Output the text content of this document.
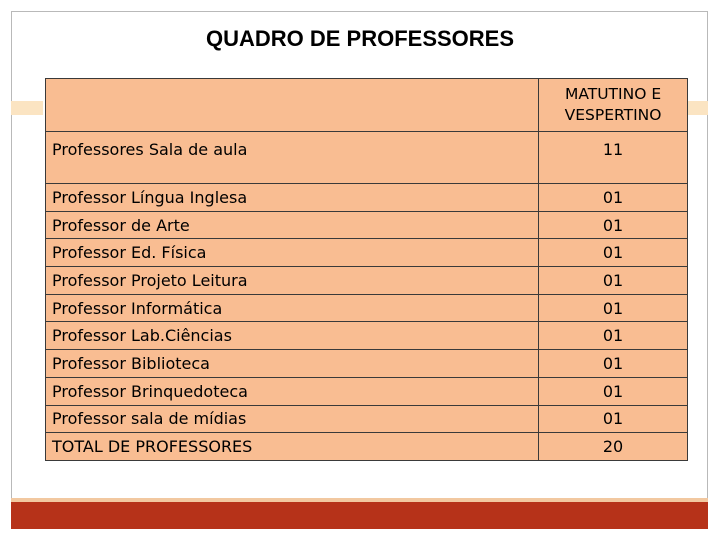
QUADRO DE PROFESSORES
	MATUTINO E
VESPERTINO
Professores Sala de aula	11
Professor Língua Inglesa	01
Professor de Arte	01
Professor Ed. Física	01
Professor Projeto Leitura	01
Professor Informática	01
Professor Lab.Ciências	01
Professor Biblioteca	01
Professor Brinquedoteca	01
Professor sala de mídias	01
TOTAL DE PROFESSORES	20
